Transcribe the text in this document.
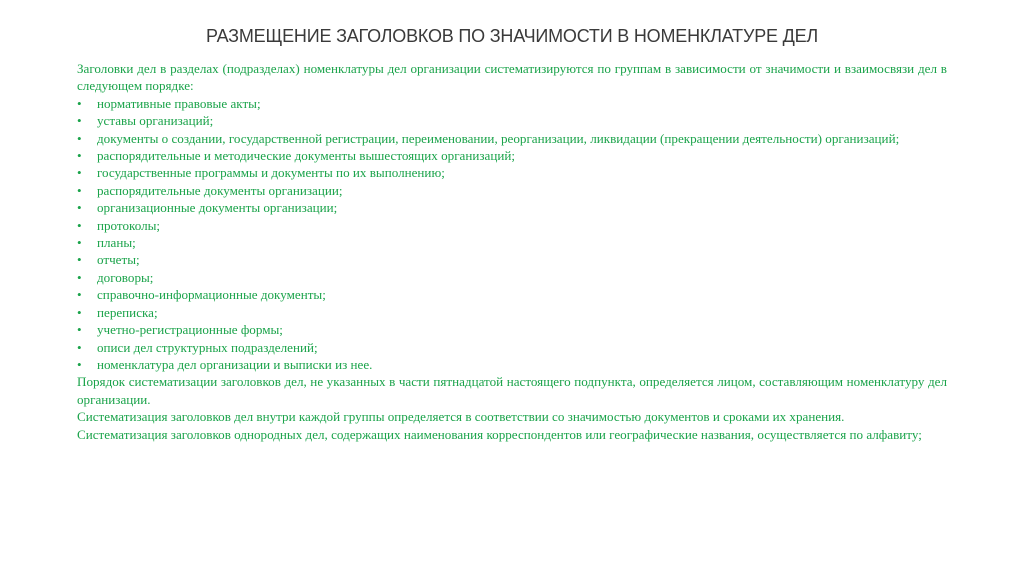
РАЗМЕЩЕНИЕ ЗАГОЛОВКОВ ПО ЗНАЧИМОСТИ В НОМЕНКЛАТУРЕ ДЕЛ

Заголовки дел в разделах (подразделах) номенклатуры дел организации систематизируются по группам в зависимости от значимости и взаимосвязи дел в следующем порядке:

• нормативные правовые акты;
• уставы организаций;
• документы о создании, государственной регистрации, переименовании, реорганизации, ликвидации (прекращении деятельности) организаций;
• распорядительные и методические документы вышестоящих организаций;
• государственные программы и документы по их выполнению;
• распорядительные документы организации;
• организационные документы организации;
• протоколы;
• планы;
• отчеты;
• договоры;
• справочно-информационные документы;
• переписка;
• учетно-регистрационные формы;
• описи дел структурных подразделений;
• номенклатура дел организации и выписки из нее.

Порядок систематизации заголовков дел, не указанных в части пятнадцатой настоящего подпункта, определяется лицом, составляющим номенклатуру дел организации.

Систематизация заголовков дел внутри каждой группы определяется в соответствии со значимостью документов и сроками их хранения.

Систематизация заголовков однородных дел, содержащих наименования корреспондентов или географические названия, осуществляется по алфавиту;
